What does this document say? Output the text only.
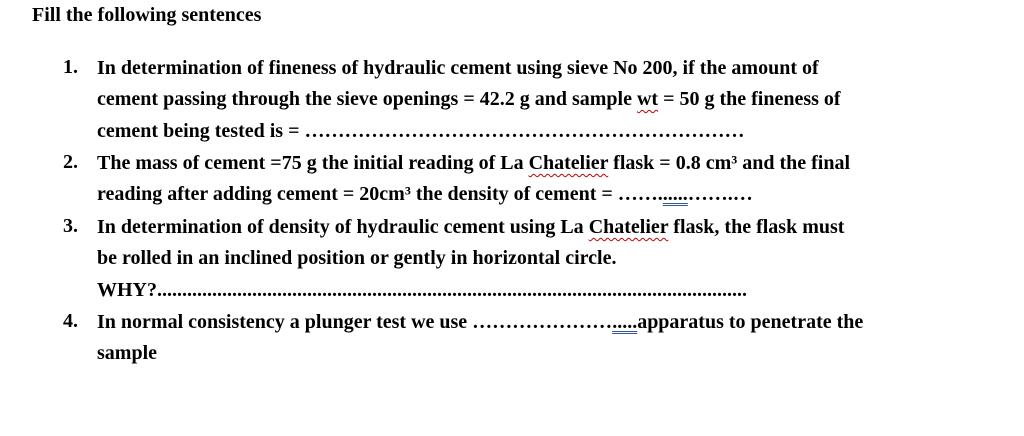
Fill the following sentences
1. In determination of fineness of hydraulic cement using sieve No 200, if the amount of
cement passing through the sieve openings = 42.2 g and sample wt = 50 g the fineness of
cement being tested is = …………………………………………………………
2. The mass of cement =75 g the initial reading of La Chatelier flask = 0.8 cm³ and the final
reading after adding cement = 20cm³ the density of cement = ……......…….…
3. In determination of density of hydraulic cement using La Chatelier flask, the flask must
be rolled in an inclined position or gently in horizontal circle.
WHY?......................................................................................................................
4. In normal consistency a plunger test we use ………………….....apparatus to penetrate the
sample
